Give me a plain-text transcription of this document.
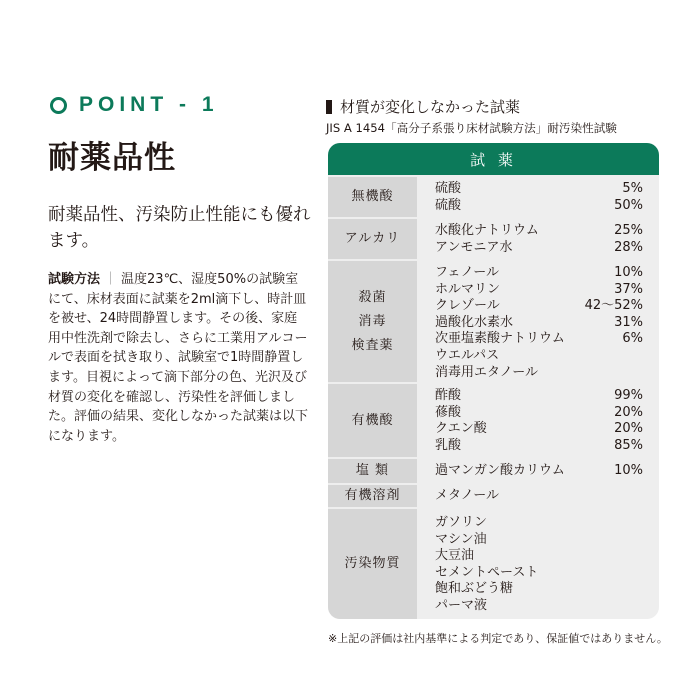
POINT - 1
耐薬品性
耐薬品性、汚染防止性能にも優れます。
試験方法 ｜ 温度23℃、湿度50%の試験室にて、床材表面に試薬を2ml滴下し、時計皿を被せ、24時間静置します。その後、家庭用中性洗剤で除去し、さらに工業用アルコールで表面を拭き取り、試験室で1時間静置します。目視によって滴下部分の色、光沢及び材質の変化を確認し、汚染性を評価しました。評価の結果、変化しなかった試薬は以下になります。
材質が変化しなかった試薬
JIS A 1454「高分子系張り床材試験方法」耐汚染性試験
試 薬
無機酸
硫酸	5%
硫酸	50%
アルカリ
水酸化ナトリウム	25%
アンモニア水	28%
殺菌
消毒
検査薬
フェノール	10%
ホルマリン	37%
クレゾール	42～52%
過酸化水素水	31%
次亜塩素酸ナトリウム	6%
ウエルパス
消毒用エタノール
有機酸
酢酸	99%
蓚酸	20%
クエン酸	20%
乳酸	85%
塩 類	過マンガン酸カリウム	10%
有機溶剤	メタノール
汚染物質
ガソリン
マシン油
大豆油
セメントペースト
飽和ぶどう糖
パーマ液
※上記の評価は社内基準による判定であり、保証値ではありません。
